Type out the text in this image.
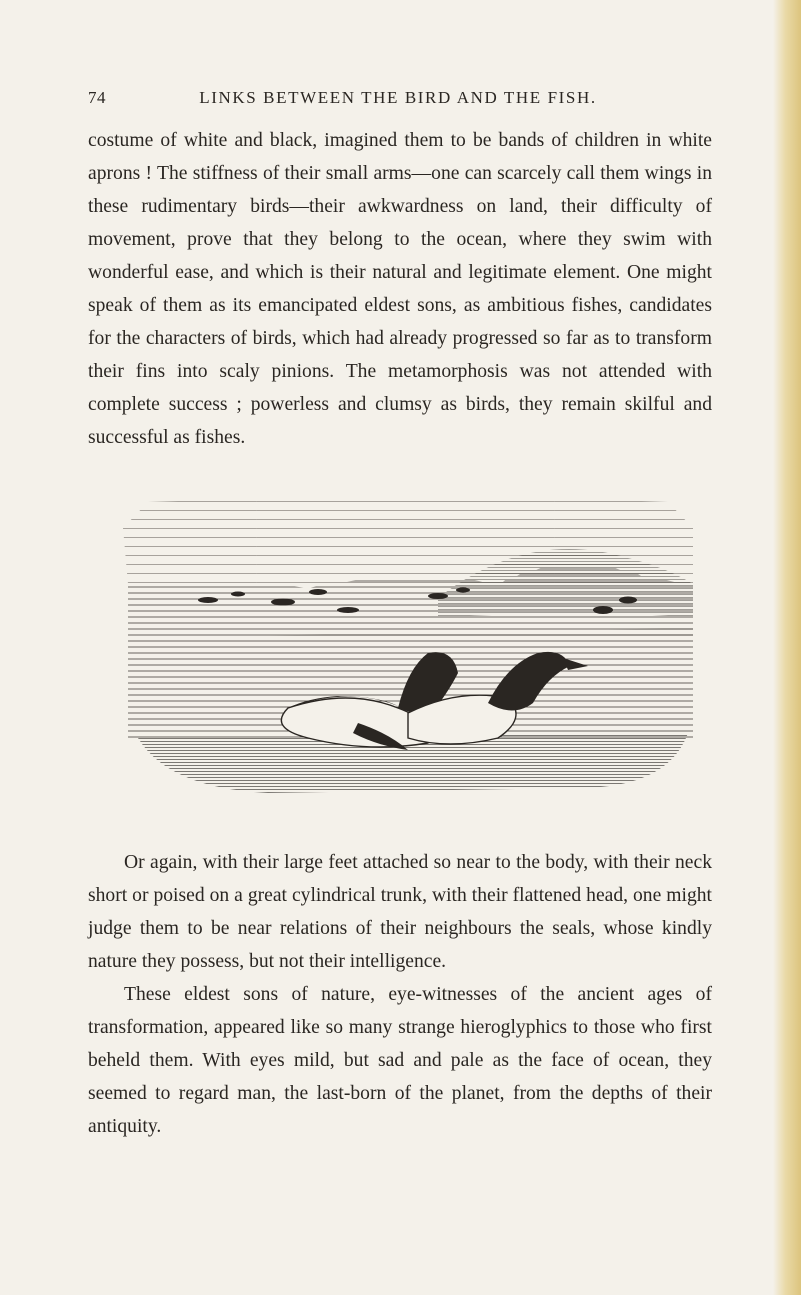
74	LINKS BETWEEN THE BIRD AND THE FISH.

costume of white and black, imagined them to be bands of children in white aprons ! The stiffness of their small arms—one can scarcely call them wings in these rudimentary birds—their awkwardness on land, their difficulty of movement, prove that they belong to the ocean, where they swim with wonderful ease, and which is their natural and legitimate element. One might speak of them as its emancipated eldest sons, as ambitious fishes, candidates for the characters of birds, which had already progressed so far as to transform their fins into scaly pinions. The metamorphosis was not attended with complete success ; powerless and clumsy as birds, they remain skilful and successful as fishes.

Or again, with their large feet attached so near to the body, with their neck short or poised on a great cylindrical trunk, with their flattened head, one might judge them to be near relations of their neighbours the seals, whose kindly nature they possess, but not their intelligence.

These eldest sons of nature, eye-witnesses of the ancient ages of transformation, appeared like so many strange hieroglyphics to those who first beheld them. With eyes mild, but sad and pale as the face of ocean, they seemed to regard man, the last-born of the planet, from the depths of their antiquity.
